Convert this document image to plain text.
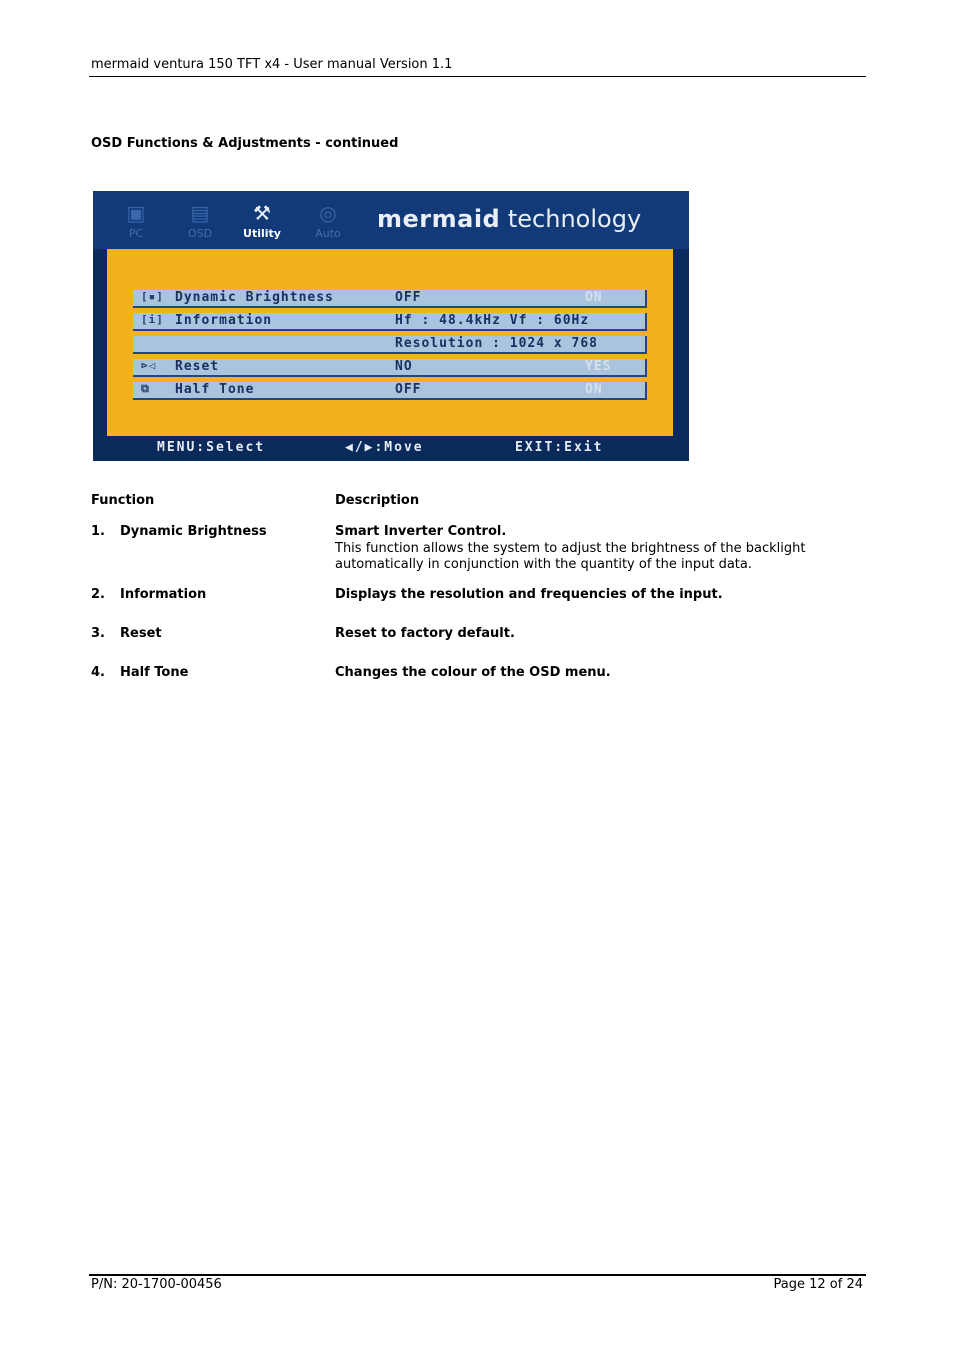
mermaid ventura 150 TFT x4 - User manual Version 1.1
OSD Functions & Adjustments - continued
▣
PC
▤
OSD
⚒
Utility
◎
Auto
mermaid technology
[▪] Dynamic Brightness	OFF	ON
[i] Information	Hf : 48.4kHz Vf : 60Hz
Resolution : 1024 x 768
⊳◁ Reset	NO	YES
⧉ Half Tone	OFF	ON
MENU:Select	◀/▶:Move	EXIT:Exit
Function	Description
1. Dynamic Brightness	Smart Inverter Control.
This function allows the system to adjust the brightness of the backlight automatically in conjunction with the quantity of the input data.
2. Information	Displays the resolution and frequencies of the input.
3. Reset	Reset to factory default.
4. Half Tone	Changes the colour of the OSD menu.
P/N: 20-1700-00456	Page 12 of 24
